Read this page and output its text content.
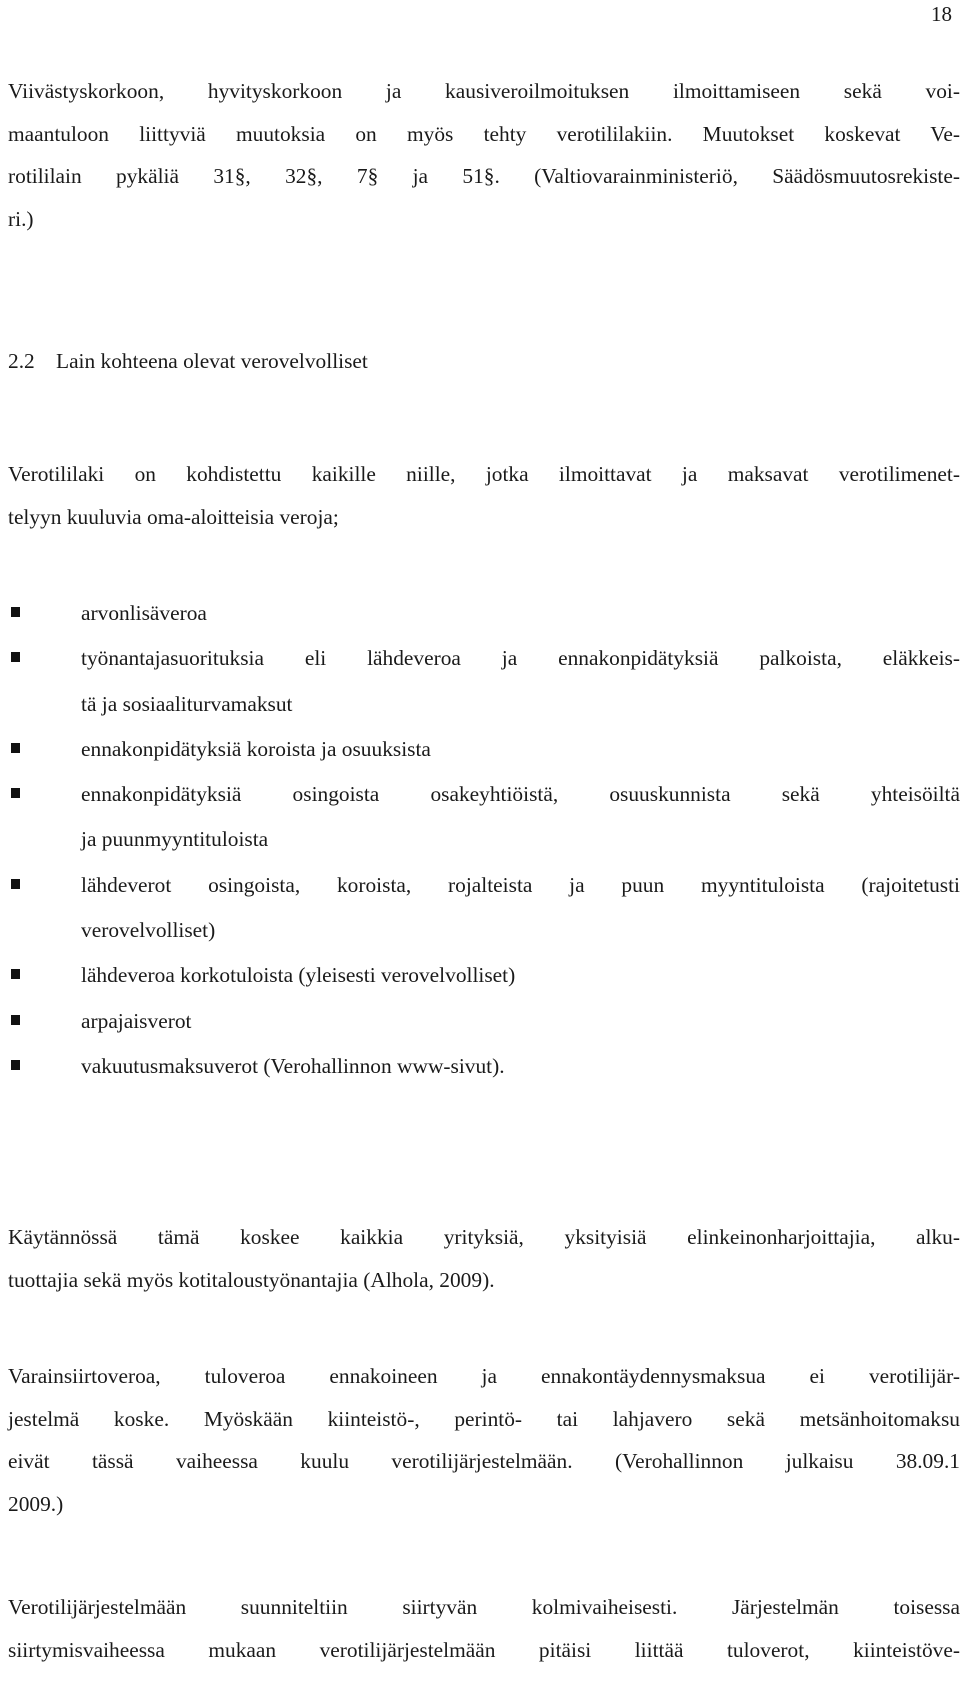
18

Viivästyskorkoon, hyvityskorkoon ja kausiveroilmoituksen ilmoittamiseen sekä voi-
maantuloon liittyviä muutoksia on myös tehty verotililakiin. Muutokset koskevat Ve-
rotililain pykäliä 31§, 32§, 7§ ja 51§. (Valtiovarainministeriö, Säädösmuutosrekiste-
ri.)

2.2 Lain kohteena olevat verovelvolliset

Verotililaki on kohdistettu kaikille niille, jotka ilmoittavat ja maksavat verotilimenet-
telyyn kuuluvia oma-aloitteisia veroja;

arvonlisäveroa
työnantajasuorituksia eli lähdeveroa ja ennakonpidätyksiä palkoista, eläkkeis-
tä ja sosiaaliturvamaksut
ennakonpidätyksiä koroista ja osuuksista
ennakonpidätyksiä osingoista osakeyhtiöistä, osuuskunnista sekä yhteisöiltä
ja puunmyyntituloista
lähdeverot osingoista, koroista, rojalteista ja puun myyntituloista (rajoitetusti
verovelvolliset)
lähdeveroa korkotuloista (yleisesti verovelvolliset)
arpajaisverot
vakuutusmaksuverot (Verohallinnon www-sivut).

Käytännössä tämä koskee kaikkia yrityksiä, yksityisiä elinkeinonharjoittajia, alku-
tuottajia sekä myös kotitaloustyönantajia (Alhola, 2009).

Varainsiirtoveroa, tuloveroa ennakoineen ja ennakontäydennysmaksua ei verotilijär-
jestelmä koske. Myöskään kiinteistö-, perintö- tai lahjavero sekä metsänhoitomaksu
eivät tässä vaiheessa kuulu verotilijärjestelmään. (Verohallinnon julkaisu 38.09.1
2009.)

Verotilijärjestelmään suunniteltiin siirtyvän kolmivaiheisesti. Järjestelmän toisessa
siirtymisvaiheessa mukaan verotilijärjestelmään pitäisi liittää tuloverot, kiinteistöve-
